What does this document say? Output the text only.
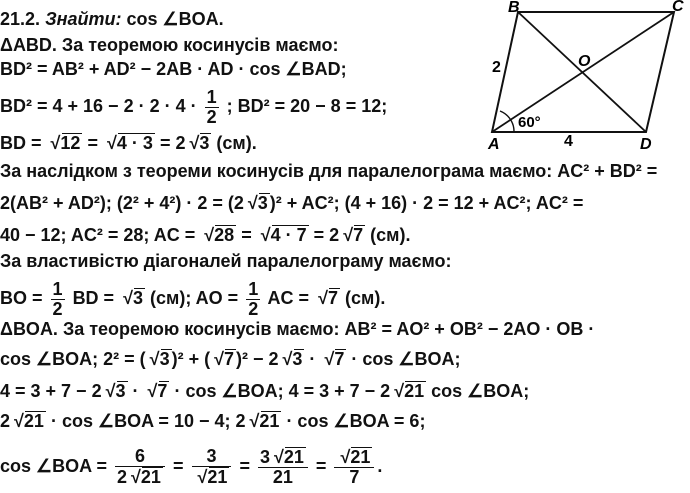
B	C
A	D
O
2
4
60°
21.2. Знайти: cos ∠BOA.
ΔABD. За теоремою косинусів маємо:
BD² = AB² + AD² − 2AB · AD · cos ∠BAD;
$BD^2 = 4 + 16 - 2 \cdot 2 \cdot 4 \cdot \frac{1}{2}$ ; BD² = 20 − 8 = 12;
BD = √ 12 = √ 4 · 3 = 2 √ 3 (см).
За наслідком з теореми косинусів для паралелограма маємо: AC² + BD² =
2(AB² + AD²); (2² + 4²) · 2 = (2 √ 3 )² + AC²; (4 + 16) · 2 = 12 + AC²; AC² =
40 − 12; AC² = 28; AC = √ 28 = √ 4 · 7 = 2 √ 7 (см).
За властивістю діагоналей паралелограму маємо:
BO = $\frac{1}{2}$ BD = √ 3 (см); AO = $\frac{1}{2}$ AC = √ 7 (см).
ΔBOA. За теоремою косинусів маємо: AB² = AO² + OB² − 2AO · OB ·
cos ∠BOA; 2² = ( √ 3 )² + ( √ 7 )² − 2 √ 3 · √ 7 · cos ∠BOA;
4 = 3 + 7 − 2 √ 3 · √ 7 · cos ∠BOA; 4 = 3 + 7 − 2 √ 21 cos ∠BOA;
2 √ 21 · cos ∠BOA = 10 − 4; 2 √ 21 · cos ∠BOA = 6;
cos ∠BOA = $\frac{6}{2 √ 21} = 3$
√ $21 = \frac{3 √ 21}{21}$ = √ $\frac{21}{7}$ .
